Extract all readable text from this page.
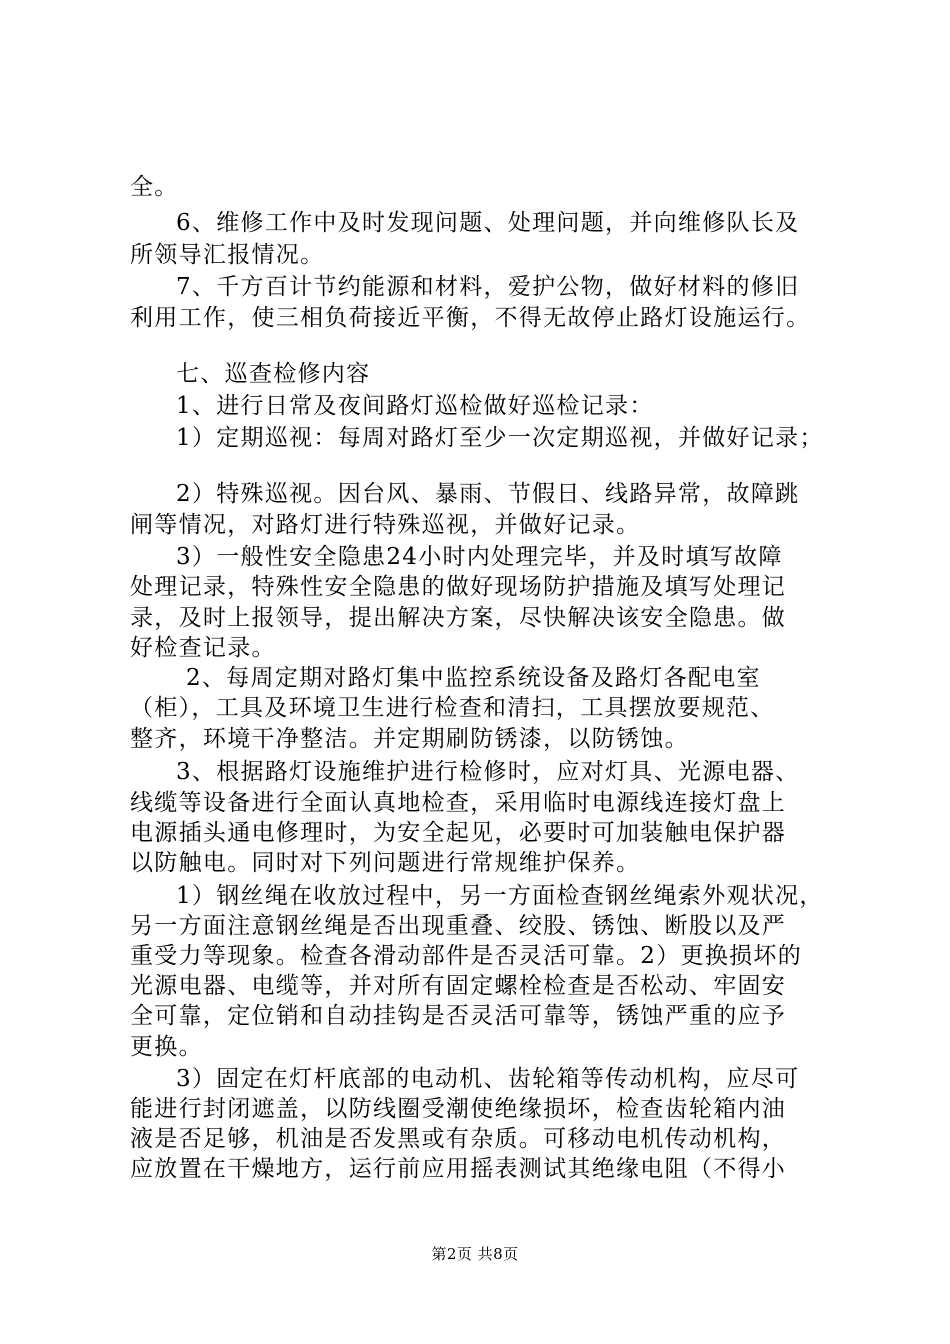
全。
6、维修工作中及时发现问题、处理问题，并向维修队长及
所领导汇报情况。
7、千方百计节约能源和材料，爱护公物，做好材料的修旧
利用工作，使三相负荷接近平衡，不得无故停止路灯设施运行。
七、巡查检修内容
1、进行日常及夜间路灯巡检做好巡检记录：
1）定期巡视：每周对路灯至少一次定期巡视，并做好记录；
2）特殊巡视。因台风、暴雨、节假日、线路异常，故障跳
闸等情况，对路灯进行特殊巡视，并做好记录。
3）一般性安全隐患24小时内处理完毕，并及时填写故障
处理记录，特殊性安全隐患的做好现场防护措施及填写处理记
录，及时上报领导，提出解决方案，尽快解决该安全隐患。做
好检查记录。
2、每周定期对路灯集中监控系统设备及路灯各配电室
（柜），工具及环境卫生进行检查和清扫，工具摆放要规范、
整齐，环境干净整洁。并定期刷防锈漆，以防锈蚀。
3、根据路灯设施维护进行检修时，应对灯具、光源电器、
线缆等设备进行全面认真地检查，采用临时电源线连接灯盘上
电源插头通电修理时，为安全起见，必要时可加装触电保护器
以防触电。同时对下列问题进行常规维护保养。
1）钢丝绳在收放过程中，另一方面检查钢丝绳索外观状况，
另一方面注意钢丝绳是否出现重叠、绞股、锈蚀、断股以及严
重受力等现象。检查各滑动部件是否灵活可靠。2）更换损坏的
光源电器、电缆等，并对所有固定螺栓检查是否松动、牢固安
全可靠，定位销和自动挂钩是否灵活可靠等，锈蚀严重的应予
更换。
3）固定在灯杆底部的电动机、齿轮箱等传动机构，应尽可
能进行封闭遮盖，以防线圈受潮使绝缘损坏，检查齿轮箱内油
液是否足够，机油是否发黑或有杂质。可移动电机传动机构，
应放置在干燥地方，运行前应用摇表测试其绝缘电阻（不得小
第2页 共8页
